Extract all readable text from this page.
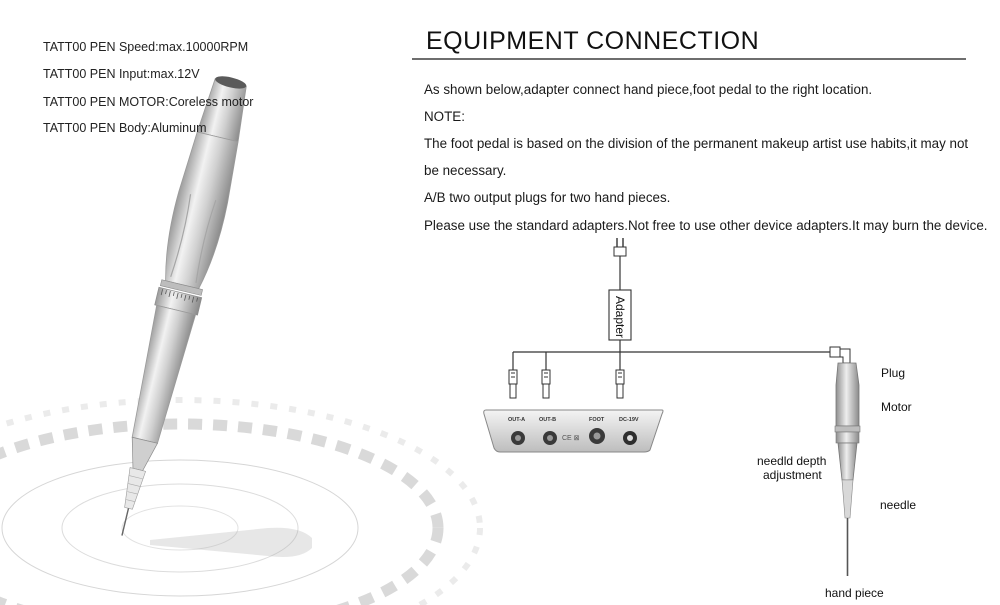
TATT00 PEN Speed:max.10000RPM
TATT00 PEN Input:max.12V
TATT00 PEN MOTOR:Coreless motor
TATT00 PEN Body:Aluminum
EQUIPMENT CONNECTION
As shown below,adapter connect hand piece,foot pedal to the right location.
NOTE:
The foot pedal is based on the division of the permanent makeup artist use habits,it may not
be necessary.
A/B two output plugs for two hand pieces.
Please use the standard adapters.Not free to use other device adapters.It may burn the device.
Adapter
OUT-A	OUT-B	FOOT	DC-19V
CE ⊠
Plug
Motor
needld depth
adjustment
needle
hand piece
